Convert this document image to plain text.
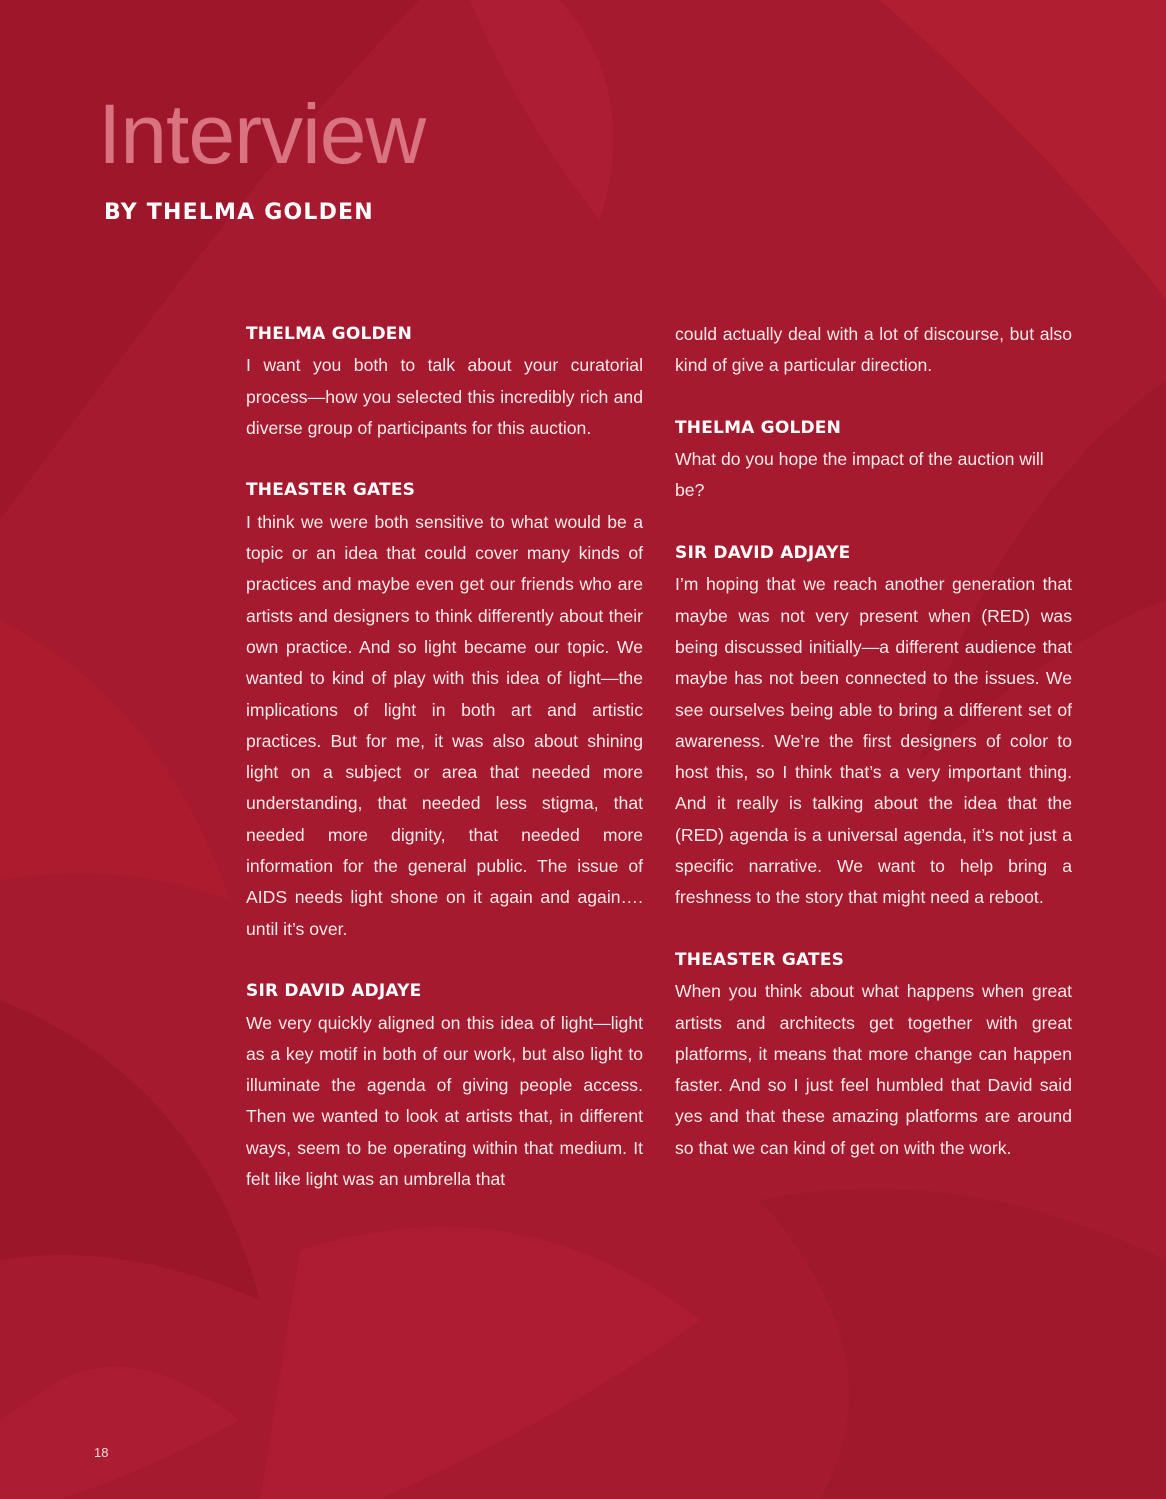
Interview
BY THELMA GOLDEN

THELMA GOLDEN

I want you both to talk about your curatorial process—how you selected this incredibly rich and diverse group of participants for this auction.

THEASTER GATES

I think we were both sensitive to what would be a topic or an idea that could cover many kinds of practices and maybe even get our friends who are artists and designers to think differently about their own practice. And so light became our topic. We wanted to kind of play with this idea of light—the implications of light in both art and artistic practices. But for me, it was also about shining light on a subject or area that needed more understanding, that needed less stigma, that needed more dignity, that needed more information for the general public. The issue of AIDS needs light shone on it again and again…. until it’s over.

SIR DAVID ADJAYE

We very quickly aligned on this idea of light—light as a key motif in both of our work, but also light to illuminate the agenda of giving people access. Then we wanted to look at artists that, in different ways, seem to be operating within that medium. It felt like light was an umbrella that

could actually deal with a lot of discourse, but also kind of give a particular direction.

THELMA GOLDEN

What do you hope the impact of the auction will be?

SIR DAVID ADJAYE

I’m hoping that we reach another generation that maybe was not very present when (RED) was being discussed initially—a different audience that maybe has not been connected to the issues. We see ourselves being able to bring a different set of awareness. We’re the first designers of color to host this, so I think that’s a very important thing. And it really is talking about the idea that the (RED) agenda is a universal agenda, it’s not just a specific narrative. We want to help bring a freshness to the story that might need a reboot.

THEASTER GATES

When you think about what happens when great artists and architects get together with great platforms, it means that more change can happen faster. And so I just feel humbled that David said yes and that these amazing platforms are around so that we can kind of get on with the work.

18
